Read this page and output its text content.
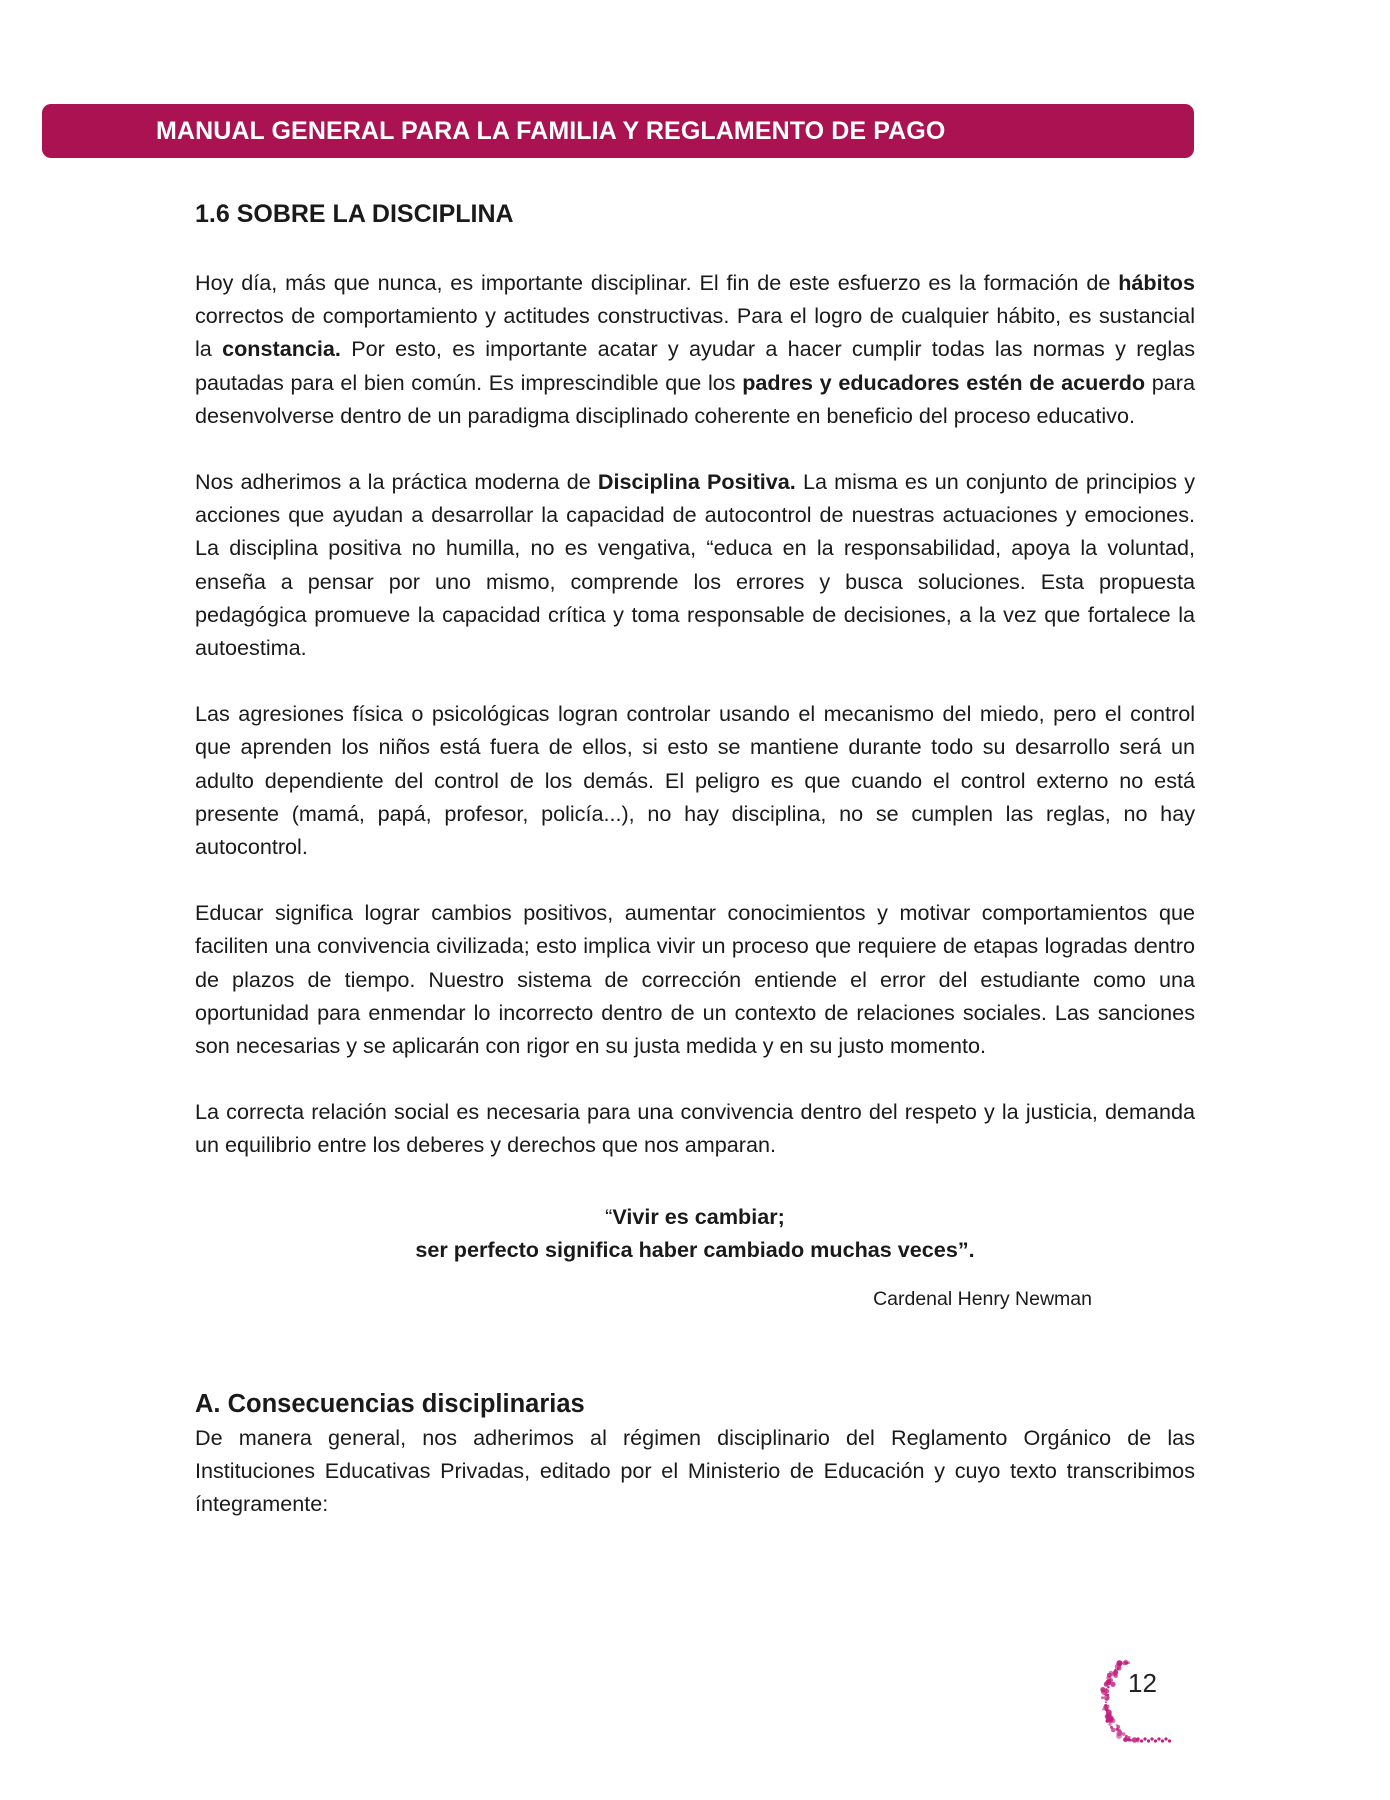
MANUAL GENERAL PARA LA FAMILIA Y REGLAMENTO DE PAGO
1.6 SOBRE LA DISCIPLINA

Hoy día, más que nunca, es importante disciplinar. El fin de este esfuerzo es la formación de hábitos correctos de comportamiento y actitudes constructivas. Para el logro de cualquier hábito, es sustancial la constancia. Por esto, es importante acatar y ayudar a hacer cumplir todas las normas y reglas pautadas para el bien común. Es imprescindible que los padres y educadores estén de acuerdo para desenvolverse dentro de un paradigma disciplinado coherente en beneficio del proceso educativo.

Nos adherimos a la práctica moderna de Disciplina Positiva. La misma es un conjunto de principios y acciones que ayudan a desarrollar la capacidad de autocontrol de nuestras actuaciones y emociones. La disciplina positiva no humilla, no es vengativa, “educa en la responsabilidad, apoya la voluntad, enseña a pensar por uno mismo, comprende los errores y busca soluciones. Esta propuesta pedagógica promueve la capacidad crítica y toma responsable de decisiones, a la vez que fortalece la autoestima.

Las agresiones física o psicológicas logran controlar usando el mecanismo del miedo, pero el control que aprenden los niños está fuera de ellos, si esto se mantiene durante todo su desarrollo será un adulto dependiente del control de los demás. El peligro es que cuando el control externo no está presente (mamá, papá, profesor, policía...), no hay disciplina, no se cumplen las reglas, no hay autocontrol.

Educar significa lograr cambios positivos, aumentar conocimientos y motivar comportamientos que faciliten una convivencia civilizada; esto implica vivir un proceso que requiere de etapas logradas dentro de plazos de tiempo. Nuestro sistema de corrección entiende el error del estudiante como una oportunidad para enmendar lo incorrecto dentro de un contexto de relaciones sociales. Las sanciones son necesarias y se aplicarán con rigor en su justa medida y en su justo momento.

La correcta relación social es necesaria para una convivencia dentro del respeto y la justicia, demanda un equilibrio entre los deberes y derechos que nos amparan.

“Vivir es cambiar;
ser perfecto significa haber cambiado muchas veces”.
Cardenal Henry Newman
A. Consecuencias disciplinarias

De manera general, nos adherimos al régimen disciplinario del Reglamento Orgánico de las Instituciones Educativas Privadas, editado por el Ministerio de Educación y cuyo texto transcribimos íntegramente:

12
